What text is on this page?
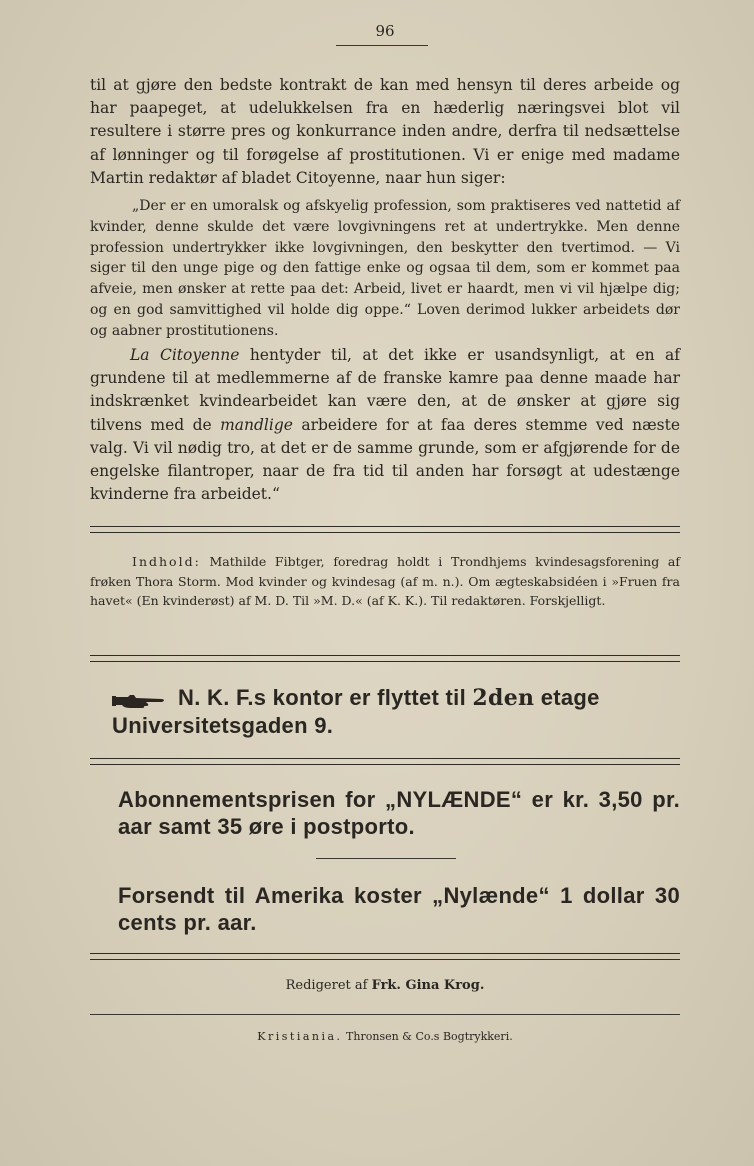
96
til at gjøre den bedste kontrakt de kan med hensyn til deres arbeide og har paapeget, at udelukkelsen fra en hæderlig næringsvei blot vil resultere i større pres og konkurrance inden andre, derfra til nedsættelse af lønninger og til forøgelse af prostitutionen. Vi er enige med madame Martin redaktør af bladet Citoyenne, naar hun siger:
„Der er en umoralsk og afskyelig profession, som praktiseres ved nattetid af kvinder, denne skulde det være lovgivningens ret at undertrykke. Men denne profession undertrykker ikke lovgivningen, den beskytter den tvertimod. — Vi siger til den unge pige og den fattige enke og ogsaa til dem, som er kommet paa afveie, men ønsker at rette paa det: Arbeid, livet er haardt, men vi vil hjælpe dig; og en god samvittighed vil holde dig oppe.“ Loven derimod lukker arbeidets dør og aabner prostitutionens.
La Citoyenne hentyder til, at det ikke er usandsynligt, at en af grundene til at medlemmerne af de franske kamre paa denne maade har indskrænket kvindearbeidet kan være den, at de ønsker at gjøre sig tilvens med de mandlige arbeidere for at faa deres stemme ved næste valg. Vi vil nødig tro, at det er de samme grunde, som er afgjørende for de engelske filantroper, naar de fra tid til anden har forsøgt at udestænge kvinderne fra arbeidet.“
Indhold: Mathilde Fibtger, foredrag holdt i Trondhjems kvindesagsforening af frøken Thora Storm. Mod kvinder og kvindesag (af m. n.). Om ægteskabsidéen i »Fruen fra havet« (En kvinderøst) af M. D. Til »M. D.« (af K. K.). Til redaktøren. Forskjelligt.
N. K. F.s kontor er flyttet til 2den etage Universitetsgaden 9.
Abonnementsprisen for „NYLÆNDE“ er kr. 3,50 pr. aar samt 35 øre i postporto.
Forsendt til Amerika koster „Nylænde“ 1 dollar 30 cents pr. aar.
Redigeret af Frk. Gina Krog.
Kristiania. Thronsen & Co.s Bogtrykkeri.
